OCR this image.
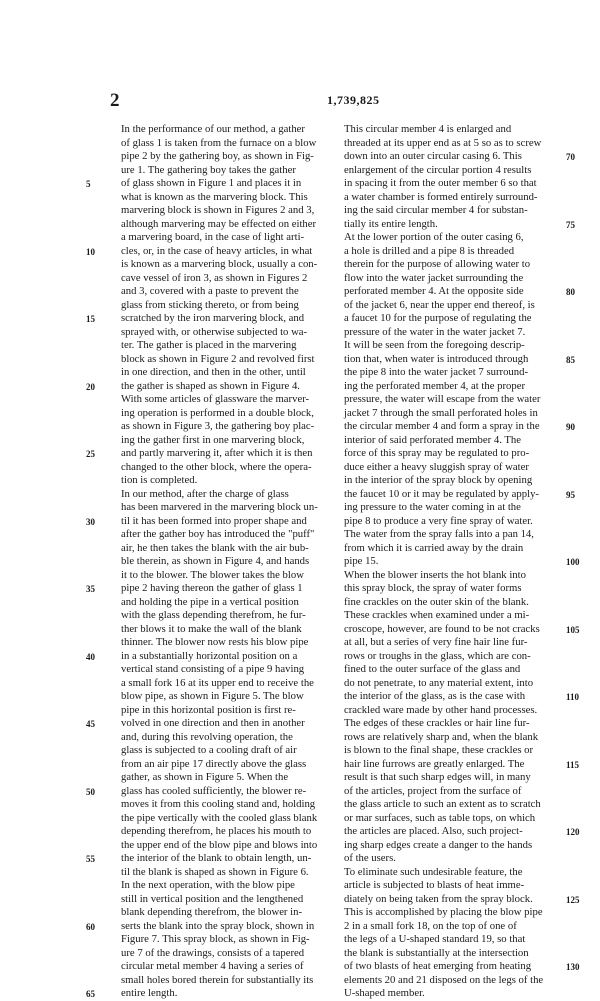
2	1,739,825
In the performance of our method, a gather
of glass 1 is taken from the furnace on a blow
pipe 2 by the gathering boy, as shown in Fig-
ure 1. The gathering boy takes the gather
of glass shown in Figure 1 and places it in
what is known as the marvering block. This
marvering block is shown in Figures 2 and 3,
although marvering may be effected on either
a marvering board, in the case of light arti-
cles, or, in the case of heavy articles, in what
is known as a marvering block, usually a con-
cave vessel of iron 3, as shown in Figures 2
and 3, covered with a paste to prevent the
glass from sticking thereto, or from being
scratched by the iron marvering block, and
sprayed with, or otherwise subjected to wa-
ter. The gather is placed in the marvering
block as shown in Figure 2 and revolved first
in one direction, and then in the other, until
the gather is shaped as shown in Figure 4.
With some articles of glassware the marver-
ing operation is performed in a double block,
as shown in Figure 3, the gathering boy plac-
ing the gather first in one marvering block,
and partly marvering it, after which it is then
changed to the other block, where the opera-
tion is completed.
In our method, after the charge of glass
has been marvered in the marvering block un-
til it has been formed into proper shape and
after the gather boy has introduced the "puff"
air, he then takes the blank with the air bub-
ble therein, as shown in Figure 4, and hands
it to the blower. The blower takes the blow
pipe 2 having thereon the gather of glass 1
and holding the pipe in a vertical position
with the glass depending therefrom, he fur-
ther blows it to make the wall of the blank
thinner. The blower now rests his blow pipe
in a substantially horizontal position on a
vertical stand consisting of a pipe 9 having
a small fork 16 at its upper end to receive the
blow pipe, as shown in Figure 5. The blow
pipe in this horizontal position is first re-
volved in one direction and then in another
and, during this revolving operation, the
glass is subjected to a cooling draft of air
from an air pipe 17 directly above the glass
gather, as shown in Figure 5. When the
glass has cooled sufficiently, the blower re-
moves it from this cooling stand and, holding
the pipe vertically with the cooled glass blank
depending therefrom, he places his mouth to
the upper end of the blow pipe and blows into
the interior of the blank to obtain length, un-
til the blank is shaped as shown in Figure 6.
In the next operation, with the blow pipe
still in vertical position and the lengthened
blank depending therefrom, the blower in-
serts the blank into the spray block, shown in
Figure 7. This spray block, as shown in Fig-
ure 7 of the drawings, consists of a tapered
circular metal member 4 having a series of
small holes bored therein for substantially its
entire length.
This circular member 4 is enlarged and
threaded at its upper end as at 5 so as to screw
down into an outer circular casing 6. This
enlargement of the circular portion 4 results
in spacing it from the outer member 6 so that
a water chamber is formed entirely surround-
ing the said circular member 4 for substan-
tially its entire length.
At the lower portion of the outer casing 6,
a hole is drilled and a pipe 8 is threaded
therein for the purpose of allowing water to
flow into the water jacket surrounding the
perforated member 4. At the opposite side
of the jacket 6, near the upper end thereof, is
a faucet 10 for the purpose of regulating the
pressure of the water in the water jacket 7.
It will be seen from the foregoing descrip-
tion that, when water is introduced through
the pipe 8 into the water jacket 7 surround-
ing the perforated member 4, at the proper
pressure, the water will escape from the water
jacket 7 through the small perforated holes in
the circular member 4 and form a spray in the
interior of said perforated member 4. The
force of this spray may be regulated to pro-
duce either a heavy sluggish spray of water
in the interior of the spray block by opening
the faucet 10 or it may be regulated by apply-
ing pressure to the water coming in at the
pipe 8 to produce a very fine spray of water.
The water from the spray falls into a pan 14,
from which it is carried away by the drain
pipe 15.
When the blower inserts the hot blank into
this spray block, the spray of water forms
fine crackles on the outer skin of the blank.
These crackles when examined under a mi-
croscope, however, are found to be not cracks
at all, but a series of very fine hair line fur-
rows or troughs in the glass, which are con-
fined to the outer surface of the glass and
do not penetrate, to any material extent, into
the interior of the glass, as is the case with
crackled ware made by other hand processes.
The edges of these crackles or hair line fur-
rows are relatively sharp and, when the blank
is blown to the final shape, these crackles or
hair line furrows are greatly enlarged. The
result is that such sharp edges will, in many
of the articles, project from the surface of
the glass article to such an extent as to scratch
or mar surfaces, such as table tops, on which
the articles are placed. Also, such project-
ing sharp edges create a danger to the hands
of the users.
To eliminate such undesirable feature, the
article is subjected to blasts of heat imme-
diately on being taken from the spray block.
This is accomplished by placing the blow pipe
2 in a small fork 18, on the top of one of
the legs of a U-shaped standard 19, so that
the blank is substantially at the intersection
of two blasts of heat emerging from heating
elements 20 and 21 disposed on the legs of the
U-shaped member.
5
10
15
20
25
30
35
40
45
50
55
60
65
70
75
80
85
90
95
100
105
110
115
120
125
130
